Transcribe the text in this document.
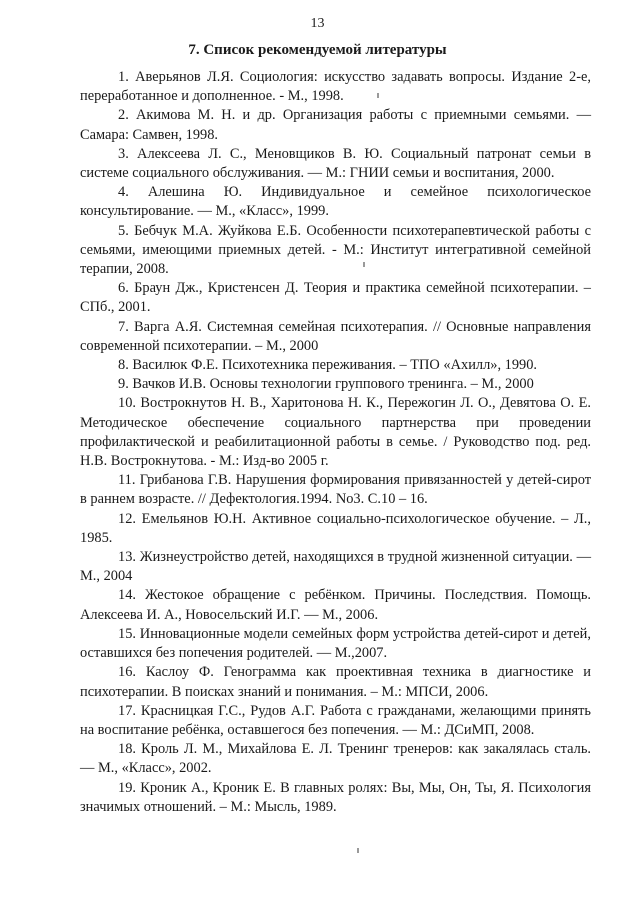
13
7. Список рекомендуемой литературы

1. Аверьянов Л.Я. Социология: искусство задавать вопросы. Издание 2-е, переработанное и дополненное. - М., 1998.

2. Акимова М. Н. и др. Организация работы с приемными семьями. — Самара: Самвен, 1998.

3. Алексеева Л. С., Меновщиков В. Ю. Социальный патронат семьи в системе социального обслуживания. — М.: ГНИИ семьи и воспитания, 2000.

4. Алешина Ю. Индивидуальное и семейное психологическое консультирование. — М., «Класс», 1999.

5. Бебчук М.А. Жуйкова Е.Б. Особенности психотерапевтической работы с семьями, имеющими приемных детей. - М.: Институт интегративной семейной терапии, 2008.

6. Браун Дж., Кристенсен Д. Теория и практика семейной психотерапии. – СПб., 2001.

7. Варга А.Я. Системная семейная психотерапия. // Основные направления современной психотерапии. – М., 2000

8. Василюк Ф.Е. Психотехника переживания. – ТПО «Ахилл», 1990.

9. Вачков И.В. Основы технологии группового тренинга. – М., 2000

10. Вострокнутов Н. В., Харитонова Н. К., Пережогин Л. О., Девятова О. Е. Методическое обеспечение социального партнерства при проведении профилактической и реабилитационной работы в семье. / Руководство под. ред. Н.В. Вострокнутова. - М.: Изд-во 2005 г.

11. Грибанова Г.В. Нарушения формирования привязанностей у детей-сирот в раннем возрасте. // Дефектология.1994. No3. C.10 – 16.

12. Емельянов Ю.Н. Активное социально-психологическое обучение. – Л., 1985.

13. Жизнеустройство детей, находящихся в трудной жизненной ситуации. — М., 2004

14. Жестокое обращение с ребёнком. Причины. Последствия. Помощь. Алексеева И. А., Новосельский И.Г. — М., 2006.

15. Инновационные модели семейных форм устройства детей-сирот и детей, оставшихся без попечения родителей. — М.,2007.

16. Каслоу Ф. Генограмма как проективная техника в диагностике и психотерапии. В поисках знаний и понимания. – М.: МПСИ, 2006.

17. Красницкая Г.С., Рудов А.Г. Работа с гражданами, желающими принять на воспитание ребёнка, оставшегося без попечения. — М.: ДСиМП, 2008.

18. Кроль Л. М., Михайлова Е. Л. Тренинг тренеров: как закалялась сталь. — М., «Класс», 2002.

19. Кроник А., Кроник Е. В главных ролях: Вы, Мы, Он, Ты, Я. Психология значимых отношений. – М.: Мысль, 1989.
